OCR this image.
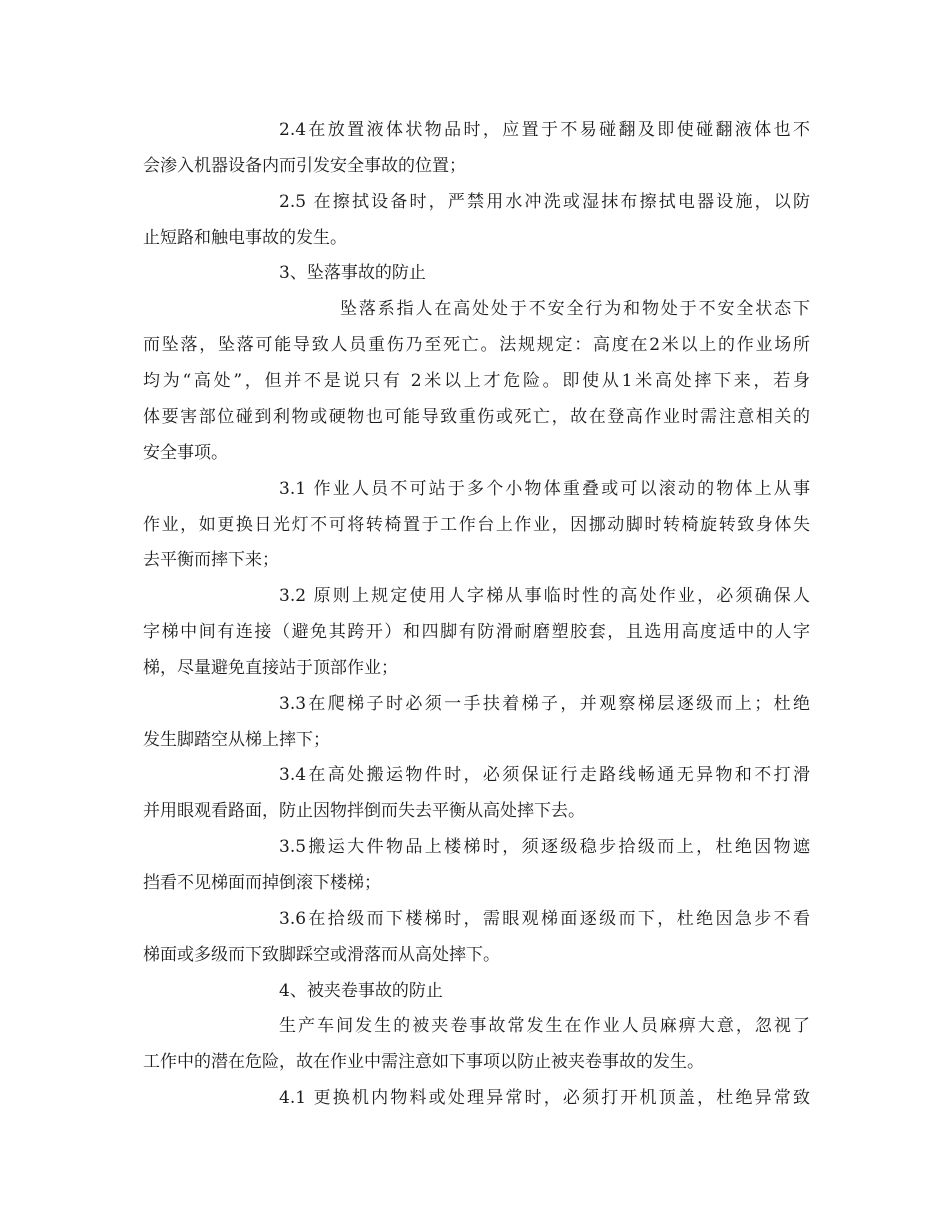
2.4在放置液体状物品时，应置于不易碰翻及即使碰翻液体也不
会渗入机器设备内而引发安全事故的位置；
2.5 在擦拭设备时，严禁用水冲洗或湿抹布擦拭电器设施，以防
止短路和触电事故的发生。
3、坠落事故的防止
坠落系指人在高处处于不安全行为和物处于不安全状态下
而坠落，坠落可能导致人员重伤乃至死亡。法规规定：高度在2米以上的作业场所
均为“高处”，但并不是说只有 2米以上才危险。即使从1米高处摔下来，若身
体要害部位碰到利物或硬物也可能导致重伤或死亡，故在登高作业时需注意相关的
安全事项。
3.1 作业人员不可站于多个小物体重叠或可以滚动的物体上从事
作业，如更换日光灯不可将转椅置于工作台上作业，因挪动脚时转椅旋转致身体失
去平衡而摔下来；
3.2 原则上规定使用人字梯从事临时性的高处作业，必须确保人
字梯中间有连接（避免其跨开）和四脚有防滑耐磨塑胶套，且选用高度适中的人字
梯，尽量避免直接站于顶部作业；
3.3在爬梯子时必须一手扶着梯子，并观察梯层逐级而上；杜绝
发生脚踏空从梯上摔下；
3.4在高处搬运物件时，必须保证行走路线畅通无异物和不打滑
并用眼观看路面，防止因物拌倒而失去平衡从高处摔下去。
3.5搬运大件物品上楼梯时，须逐级稳步拾级而上，杜绝因物遮
挡看不见梯面而掉倒滚下楼梯；
3.6在拾级而下楼梯时，需眼观梯面逐级而下，杜绝因急步不看
梯面或多级而下致脚踩空或滑落而从高处摔下。
4、被夹卷事故的防止
生产车间发生的被夹卷事故常发生在作业人员麻痹大意，忽视了
工作中的潜在危险，故在作业中需注意如下事项以防止被夹卷事故的发生。
4.1 更换机内物料或处理异常时，必须打开机顶盖，杜绝异常致
